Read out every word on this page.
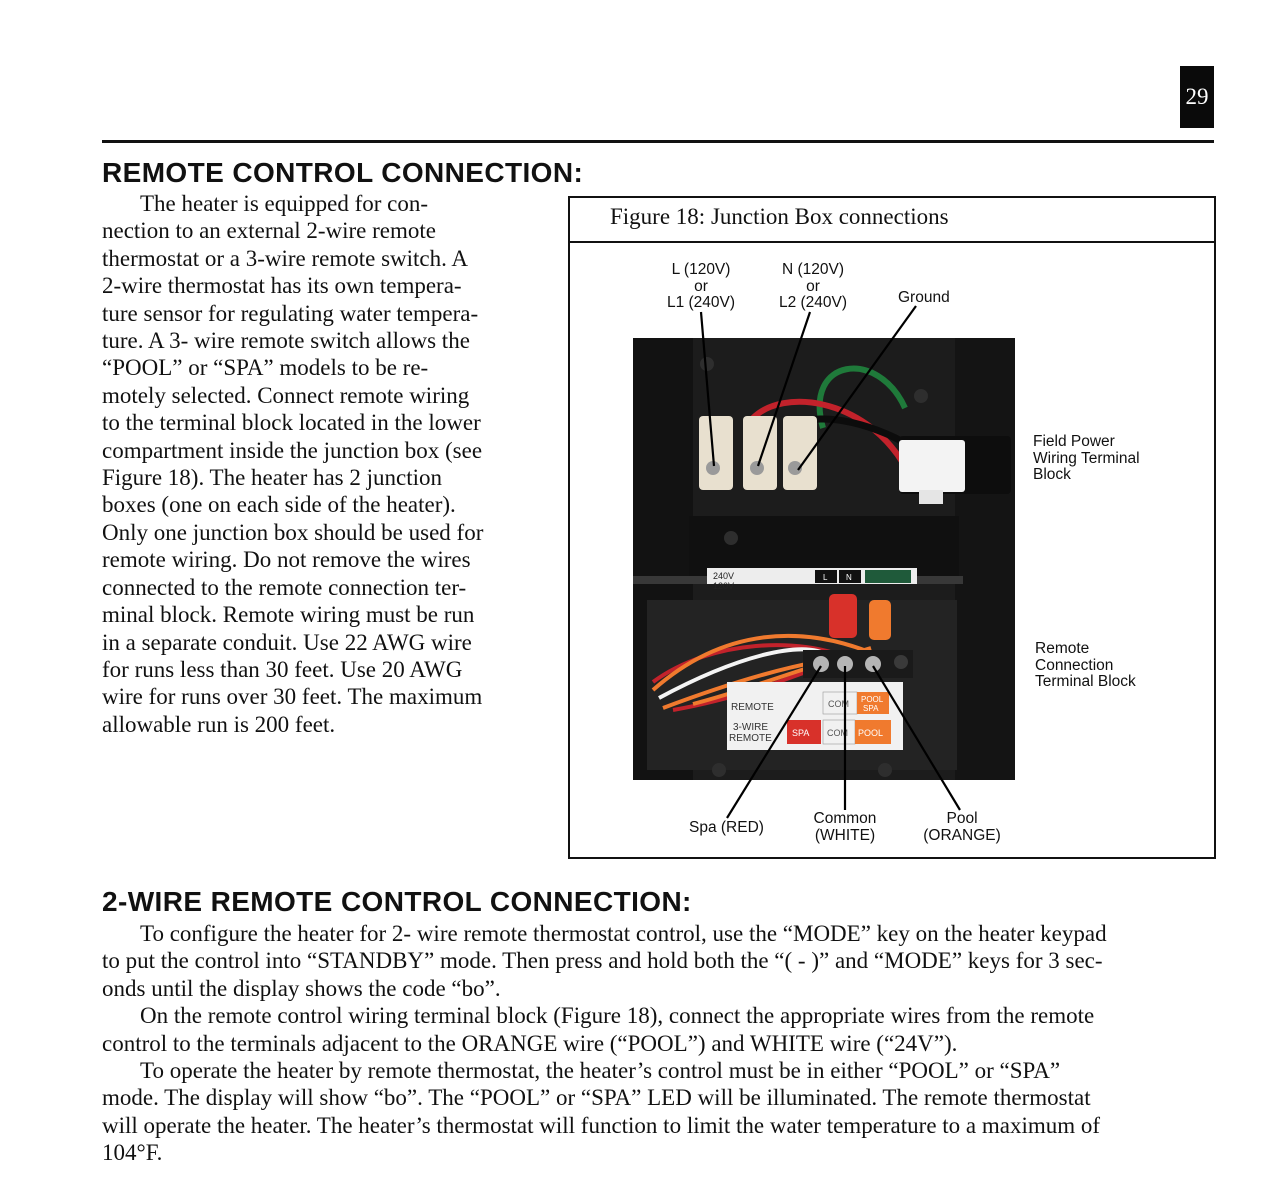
29
REMOTE CONTROL CONNECTION:
The heater is equipped for con-
nection to an external 2-wire remote
thermostat or a 3-wire remote switch. A
2-wire thermostat has its own tempera-
ture sensor for regulating water tempera-
ture. A 3- wire remote switch allows the
“POOL” or “SPA” models to be re-
motely selected. Connect remote wiring
to the terminal block located in the lower
compartment inside the junction box (see
Figure 18). The heater has 2 junction
boxes (one on each side of the heater).
Only one junction box should be used for
remote wiring. Do not remove the wires
connected to the remote connection ter-
minal block. Remote wiring must be run
in a separate conduit. Use 22 AWG wire
for runs less than 30 feet. Use 20 AWG
wire for runs over 30 feet. The maximum
allowable run is 200 feet.
Figure 18: Junction Box connections
240V
120V
L N
REMOTE	COM POOL
SPA
3-WIRE
REMOTE SPA COM POOL
L (120V)
or
L1 (240V)
N (120V)
or
L2 (240V)	Ground
Field Power
Wiring Terminal
Block
Remote
Connection
Terminal Block
Spa (RED)
Common
(WHITE)
Pool
(ORANGE)
2-WIRE REMOTE CONTROL CONNECTION:
To configure the heater for 2- wire remote thermostat control, use the “MODE” key on the heater keypad
to put the control into “STANDBY” mode. Then press and hold both the “( - )” and “MODE” keys for 3 sec-
onds until the display shows the code “bo”.
On the remote control wiring terminal block (Figure 18), connect the appropriate wires from the remote
control to the terminals adjacent to the ORANGE wire (“POOL”) and WHITE wire (“24V”).
To operate the heater by remote thermostat, the heater’s control must be in either “POOL” or “SPA”
mode. The display will show “bo”. The “POOL” or “SPA” LED will be illuminated. The remote thermostat
will operate the heater. The heater’s thermostat will function to limit the water temperature to a maximum of
104°F.
